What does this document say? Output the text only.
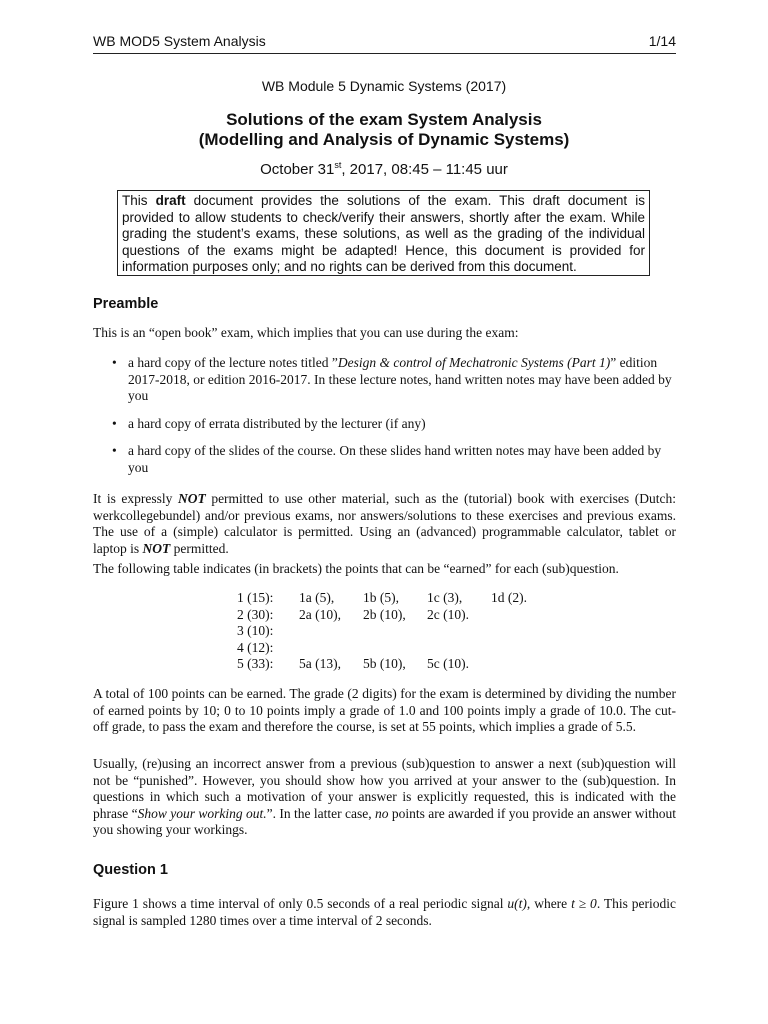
WB MOD5 System Analysis	1/14
WB Module 5 Dynamic Systems (2017)
Solutions of the exam System Analysis
(Modelling and Analysis of Dynamic Systems)
October 31st, 2017, 08:45 – 11:45 uur
This draft document provides the solutions of the exam. This draft document is provided to allow students to check/verify their answers, shortly after the exam. While grading the student’s exams, these solutions, as well as the grading of the individual questions of the exams might be adapted! Hence, this document is provided for information purposes only; and no rights can be derived from this document.
Preamble
This is an “open book” exam, which implies that you can use during the exam:
• a hard copy of the lecture notes titled ”Design & control of Mechatronic Systems (Part 1)” edition 2017-2018, or edition 2016-2017. In these lecture notes, hand written notes may have been added by you
• a hard copy of errata distributed by the lecturer (if any)
• a hard copy of the slides of the course. On these slides hand written notes may have been added by you
It is expressly NOT permitted to use other material, such as the (tutorial) book with exercises (Dutch: werkcollegebundel) and/or previous exams, nor answers/solutions to these exercises and previous exams. The use of a (simple) calculator is permitted. Using an (advanced) programmable calculator, tablet or laptop is NOT permitted.
The following table indicates (in brackets) the points that can be “earned” for each (sub)question.
1 (15):	1a (5),	1b (5),	1c (3),	1d (2).
2 (30):	2a (10),	2b (10),	2c (10).	
3 (10):				
4 (12):				
5 (33):	5a (13),	5b (10),	5c (10).	
A total of 100 points can be earned. The grade (2 digits) for the exam is determined by dividing the number of earned points by 10; 0 to 10 points imply a grade of 1.0 and 100 points imply a grade of 10.0. The cut-off grade, to pass the exam and therefore the course, is set at 55 points, which implies a grade of 5.5.
Usually, (re)using an incorrect answer from a previous (sub)question to answer a next (sub)question will not be “punished”. However, you should show how you arrived at your answer to the (sub)question. In questions in which such a motivation of your answer is explicitly requested, this is indicated with the phrase “Show your working out.”. In the latter case, no points are awarded if you provide an answer without you showing your workings.
Question 1
Figure 1 shows a time interval of only 0.5 seconds of a real periodic signal u(t), where t ≥ 0. This periodic signal is sampled 1280 times over a time interval of 2 seconds.
